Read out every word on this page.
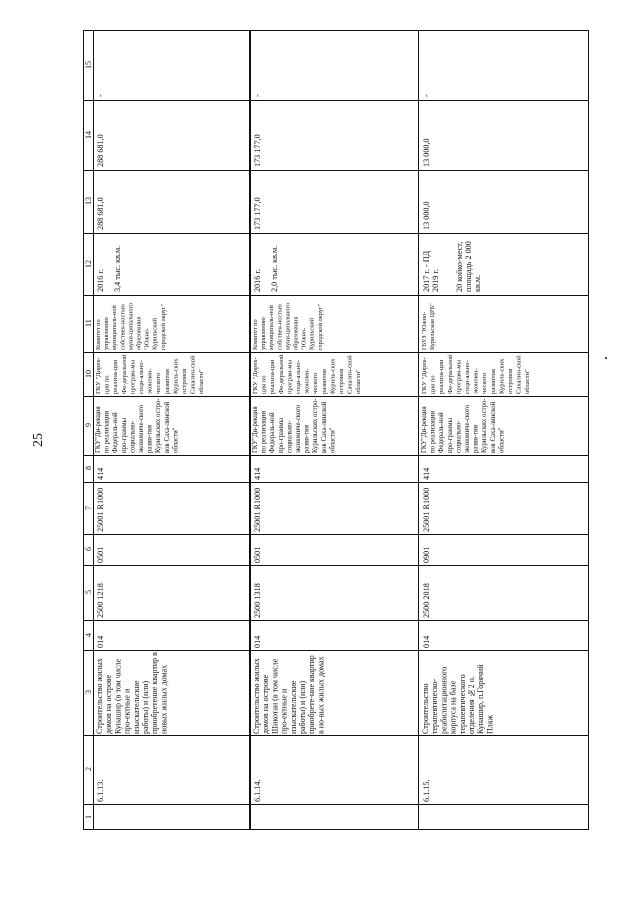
25
15
14
13
12
11
10
9
8
7
6
5
4
3
2
1
-
288 681,0
288 681,0
2016 г. 3,4 тыс. кв.м.
Комитет по управлению муниципаль-ной собствен-ностью муни-ципального образования "Южно-Курильский городской округ"
ГКУ "Дирек-ция по реализа-ции Фе-деральной програм-мы соци-ально-экономи-ческого развития Куриль-ских островов Сахалин-ской области"
ГКУ"Ди-рекция по реализации Федераль-ной про-граммы социально-экономиче-ского разви-тия Курильских остро-вов Саха-линской области"
414
25001 R1000
0501
2500 1218
014
Строительство жилых домов на острове Кунашир (в том числе про-ектные и изыскательские работы) и (или) приобретение квартир в новых жилых домах
6.1.13.
-
173 177,0
173 177,0
2016 г. 2,0 тыс. кв.м.
Комитет по управлению муниципаль-ной собствен-ностью муни-ципального образования "Южно-Курильский городской округ"
ГКУ "Дирек-ция по реализа-ции Фе-деральной програм-мы соци-ально-экономи-ческого развития Куриль-ских островов Сахалин-ской области"
ГКУ"Ди-рекция по реализации Федераль-ной про-граммы социально-экономиче-ского разви-тия Курильских остро-вов Саха-линской области"
414
25001 R1000
0501
2500 1318
014
Строительство жилых домов на острове Шикотан (в том числе про-ектные и изыскательские работы) и (или) приобрете-ние квартир в но-вых жилых домах
6.1.14.
-
13 000,0
13 000,0
2017 г. - ПД 2019 г.	20 койко-мест, площадь 2 000 кв.м.
ГБУЗ "Южно-Курильская ЦРБ"
ГКУ "Дирек-ция по реализа-ции Фе-деральной програм-мы соци-ально-экономи-ческого развития Куриль-ских островов Сахалин-ской области"
ГКУ"Ди-рекция по реализации Федераль-ной про-граммы социально-экономиче-ского разви-тия Курильских остро-вов Саха-линской области"
414
25001 R1000
0901
2500 2018
014
Строительство терапевтическо-реабилитационного корпуса на базе терапевтического отделения №2 о. Кунашир, п.Горячий Пляж
6.1.15.
